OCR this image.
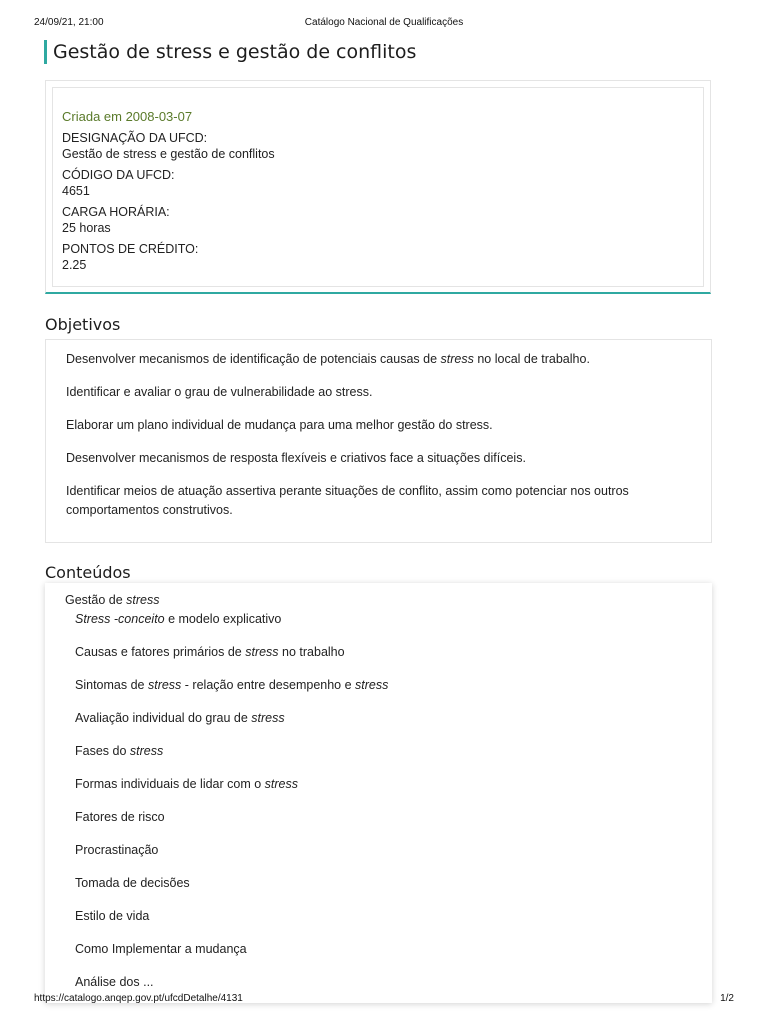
24/09/21, 21:00	Catálogo Nacional de Qualificações
Gestão de stress e gestão de conflitos
Criada em 2008-03-07
DESIGNAÇÃO DA UFCD:
Gestão de stress e gestão de conflitos
CÓDIGO DA UFCD:
4651
CARGA HORÁRIA:
25 horas
PONTOS DE CRÉDITO:
2.25
Objetivos
Desenvolver mecanismos de identificação de potenciais causas de stress no local de trabalho.
Identificar e avaliar o grau de vulnerabilidade ao stress.
Elaborar um plano individual de mudança para uma melhor gestão do stress.
Desenvolver mecanismos de resposta flexíveis e criativos face a situações difíceis.
Identificar meios de atuação assertiva perante situações de conflito, assim como potenciar nos outros comportamentos construtivos.
Conteúdos
Gestão de stress
Stress -conceito e modelo explicativo
Causas e fatores primários de stress no trabalho
Sintomas de stress - relação entre desempenho e stress
Avaliação individual do grau de stress
Fases do stress
Formas individuais de lidar com o stress
Fatores de risco
Procrastinação
Tomada de decisões
Estilo de vida
Como Implementar a mudança
Análise dos ...
https://catalogo.anqep.gov.pt/ufcdDetalhe/4131	1/2
